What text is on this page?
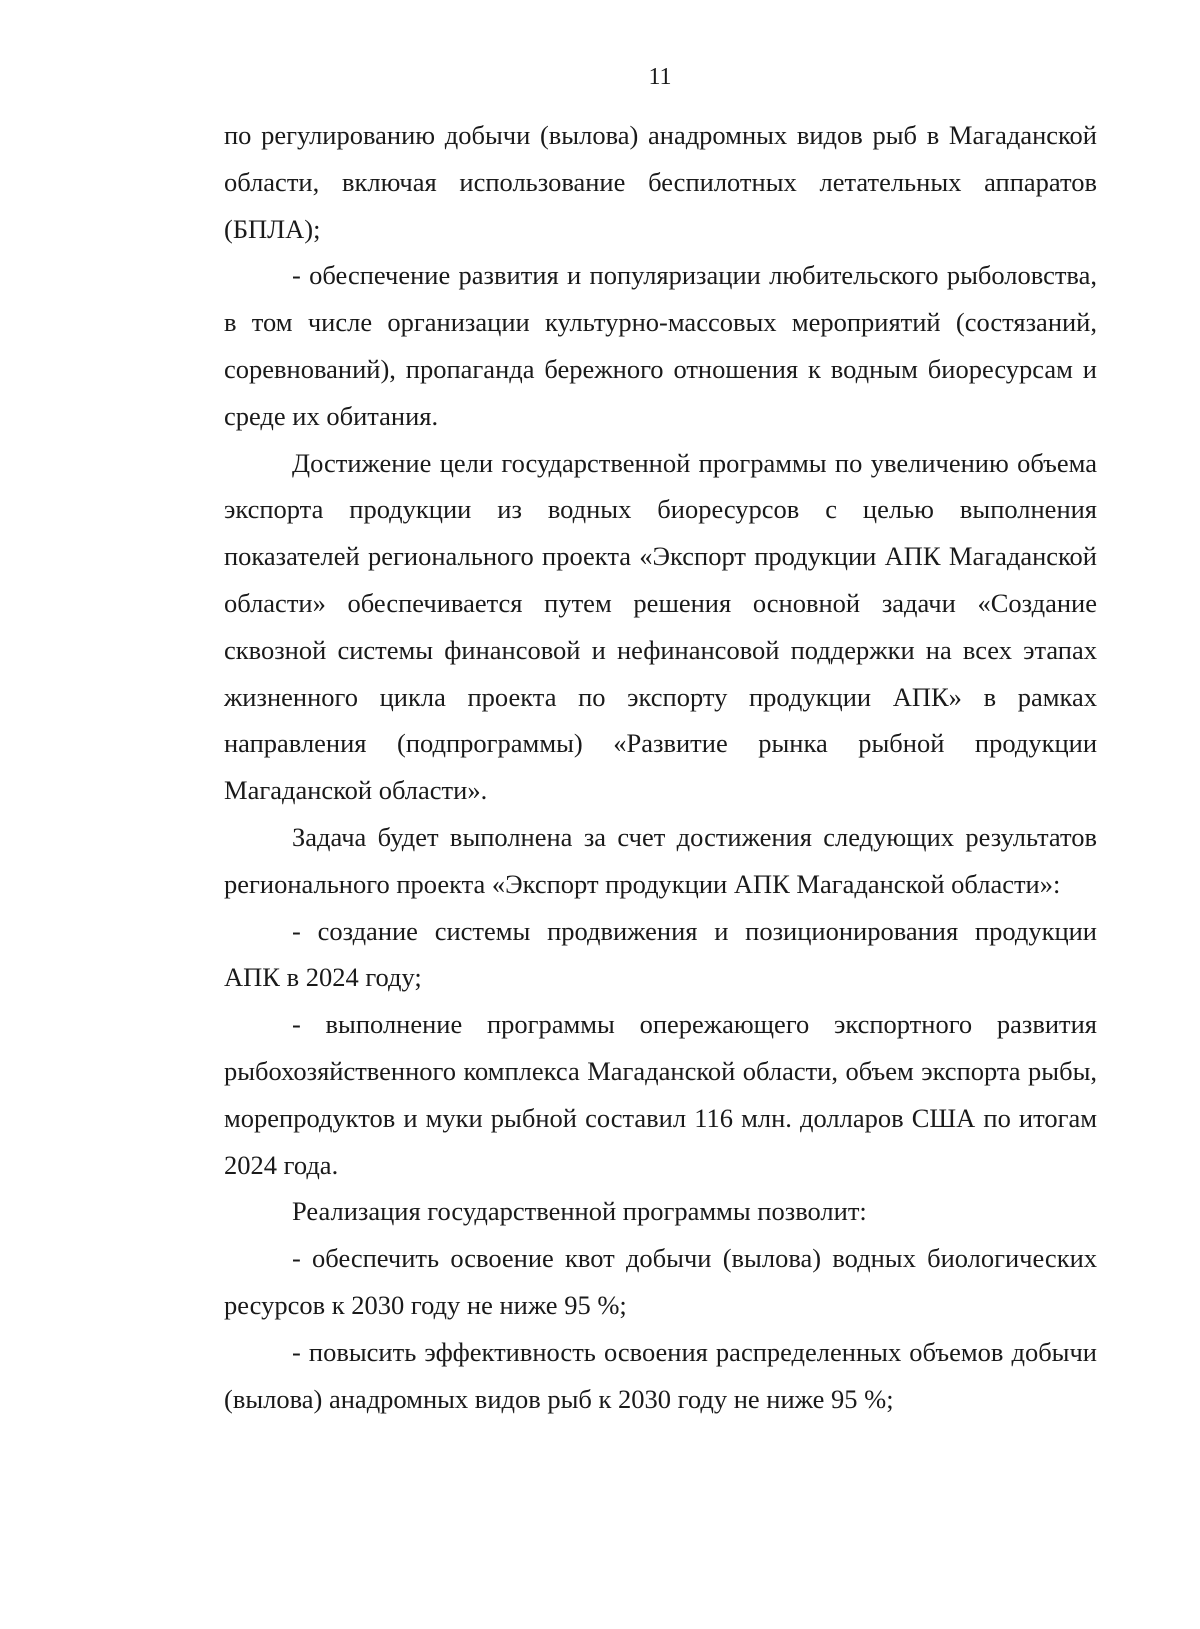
11

по регулированию добычи (вылова) анадромных видов рыб в Магаданской области, включая использование беспилотных летательных аппаратов (БПЛА);

- обеспечение развития и популяризации любительского рыболовства, в том числе организации культурно-массовых мероприятий (состязаний, соревнований), пропаганда бережного отношения к водным биоресурсам и среде их обитания.

Достижение цели государственной программы по увеличению объема экспорта продукции из водных биоресурсов с целью выполнения показателей регионального проекта «Экспорт продукции АПК Магаданской области» обеспечивается путем решения основной задачи «Создание сквозной системы финансовой и нефинансовой поддержки на всех этапах жизненного цикла проекта по экспорту продукции АПК» в рамках направления (подпрограммы) «Развитие рынка рыбной продукции Магаданской области».

Задача будет выполнена за счет достижения следующих результатов регионального проекта «Экспорт продукции АПК Магаданской области»:

- создание системы продвижения и позиционирования продукции АПК в 2024 году;

- выполнение программы опережающего экспортного развития рыбохозяйственного комплекса Магаданской области, объем экспорта рыбы, морепродуктов и муки рыбной составил 116 млн. долларов США по итогам 2024 года.

Реализация государственной программы позволит:

- обеспечить освоение квот добычи (вылова) водных биологических ресурсов к 2030 году не ниже 95 %;

- повысить эффективность освоения распределенных объемов добычи (вылова) анадромных видов рыб к 2030 году не ниже 95 %;
